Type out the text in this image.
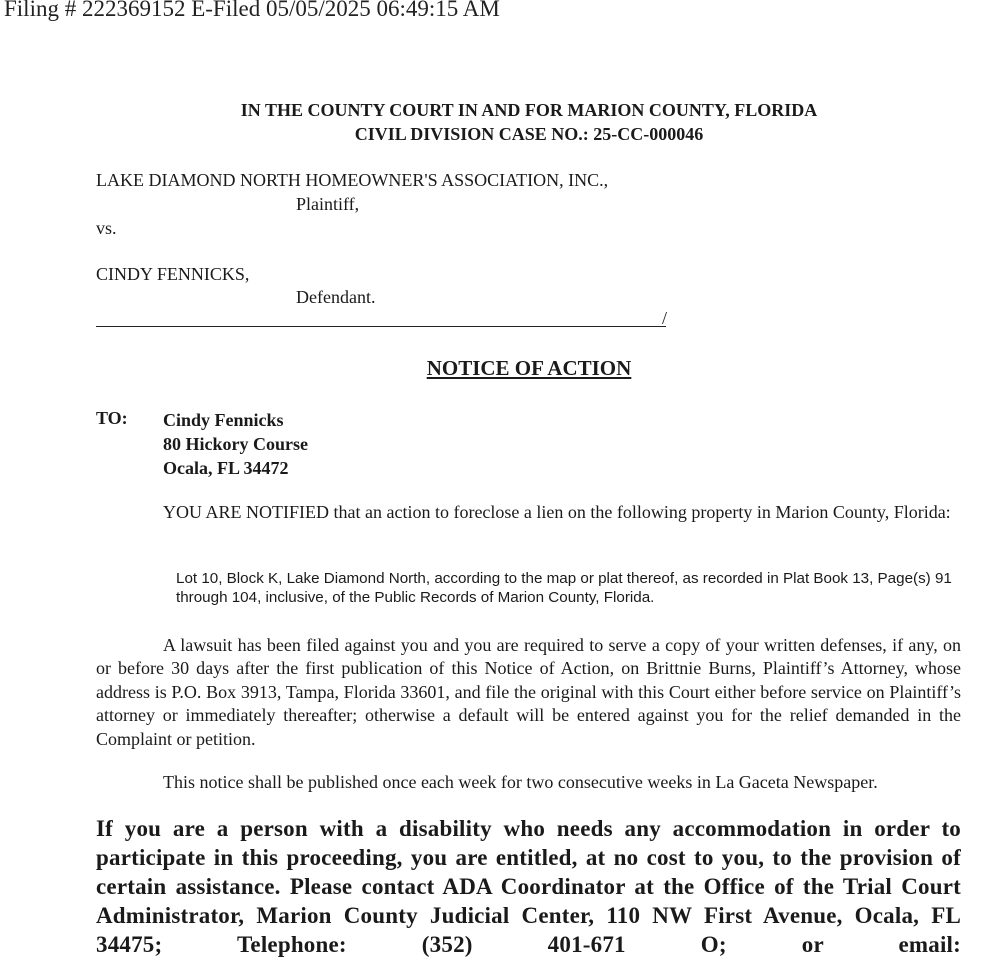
Filing # 222369152 E-Filed 05/05/2025 06:49:15 AM
IN THE COUNTY COURT IN AND FOR MARION COUNTY, FLORIDA
CIVIL DIVISION CASE NO.: 25-CC-000046
LAKE DIAMOND NORTH HOMEOWNER'S ASSOCIATION, INC.,
Plaintiff,
vs.
CINDY FENNICKS,
Defendant.
/
NOTICE OF ACTION
TO: Cindy Fennicks
80 Hickory Course
Ocala, FL 34472
YOU ARE NOTIFIED that an action to foreclose a lien on the following property in Marion County, Florida:
Lot 10, Block K, Lake Diamond North, according to the map or plat thereof, as recorded in Plat Book 13, Page(s) 91 through 104, inclusive, of the Public Records of Marion County, Florida.
A lawsuit has been filed against you and you are required to serve a copy of your written defenses, if any, on or before 30 days after the first publication of this Notice of Action, on Brittnie Burns, Plaintiff’s Attorney, whose address is P.O. Box 3913, Tampa, Florida 33601, and file the original with this Court either before service on Plaintiff’s attorney or immediately thereafter; otherwise a default will be entered against you for the relief demanded in the Complaint or petition.
This notice shall be published once each week for two consecutive weeks in La Gaceta Newspaper.
If you are a person with a disability who needs any accommodation in order to participate in this proceeding, you are entitled, at no cost to you, to the provision of certain assistance. Please contact ADA Coordinator at the Office of the Trial Court Administrator, Marion County Judicial Center, 110 NW First Avenue, Ocala, FL 34475; Telephone: (352) 401-671 O; or email:
